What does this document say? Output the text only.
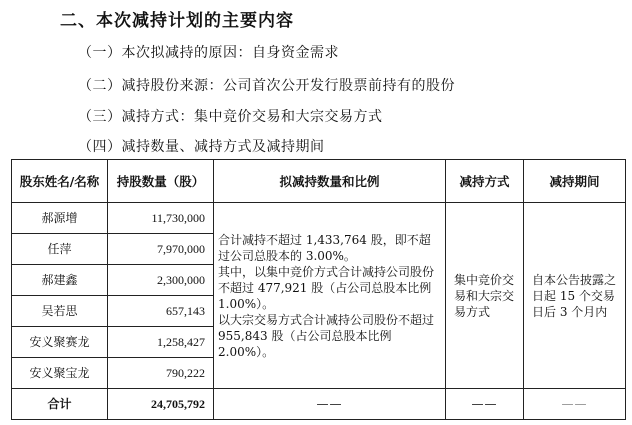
二、本次减持计划的主要内容
（一）本次拟减持的原因：自身资金需求
（二）减持股份来源：公司首次公开发行股票前持有的股份
（三）减持方式：集中竞价交易和大宗交易方式
（四）减持数量、减持方式及减持期间
股东姓名/名称	持股数量（股）	拟减持数量和比例	减持方式	减持期间
郝源增	11,730,000	合计减持不超过 1,433,764 股，即不超过公司总股本的 3.00%。
其中，以集中竞价方式合计减持公司股份不超过 477,921 股（占公司总股本比例 1.00%）。
以大宗交易方式合计减持公司股份不超过 955,843 股（占公司总股本比例 2.00%）。	集中竞价交易和大宗交易方式	自本公告披露之日起 15 个交易日后 3 个月内
任萍	7,970,000			
郝建鑫	2,300,000			
吴若思	657,143			
安义聚赛龙	1,258,427			
安义聚宝龙	790,222			
合计	24,705,792	——	——	——
